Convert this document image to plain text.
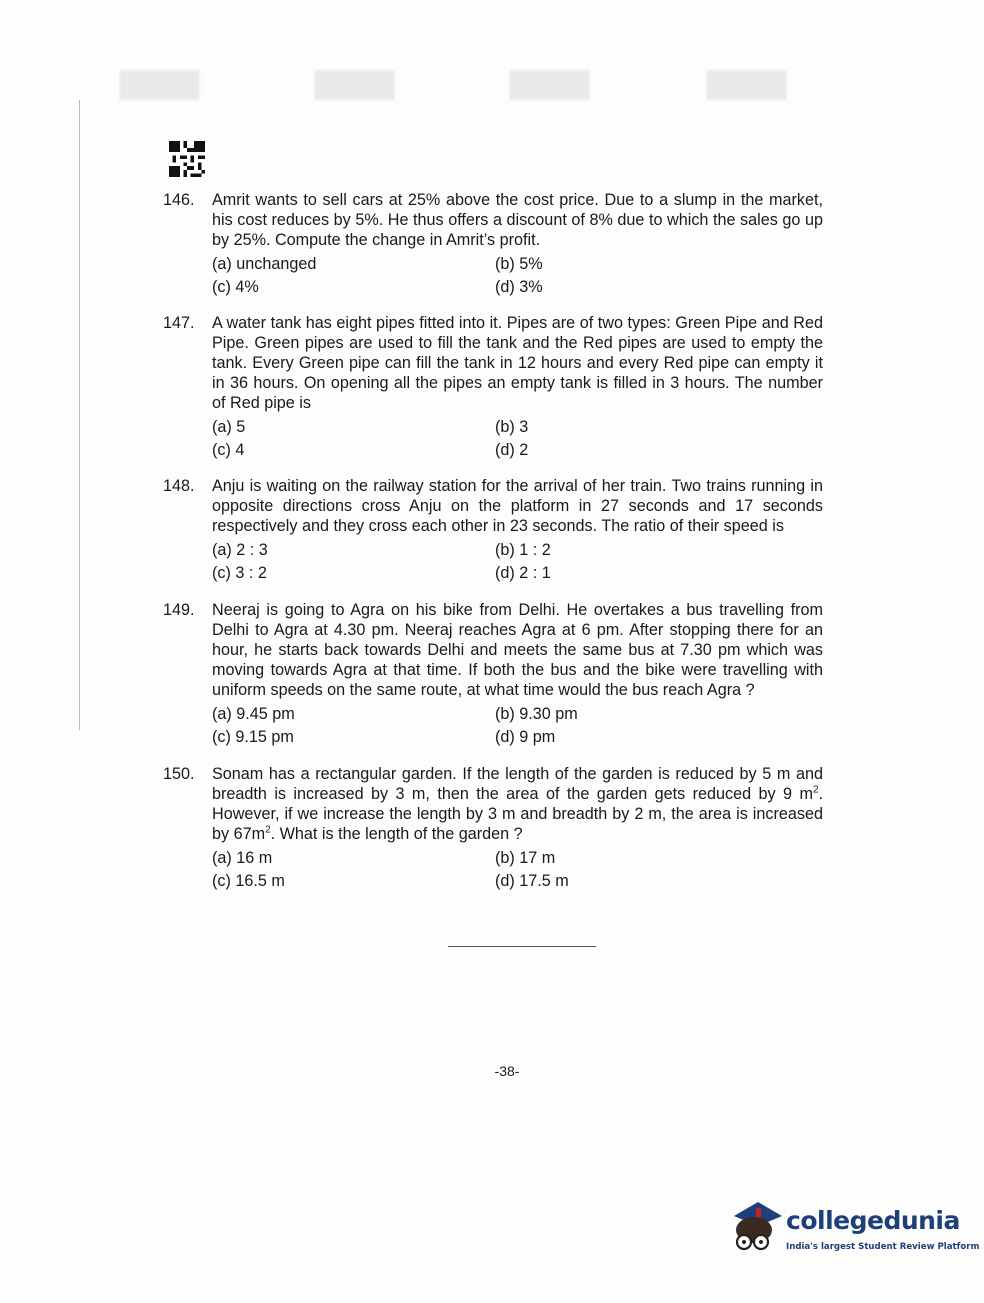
146.	Amrit wants to sell cars at 25% above the cost price. Due to a slump in the market, his cost reduces by 5%. He thus offers a discount of 8% due to which the sales go up by 25%. Compute the change in Amrit’s profit.
(a) unchanged	(b) 5%
(c) 4%	(d) 3%
147.	A water tank has eight pipes fitted into it. Pipes are of two types: Green Pipe and Red Pipe. Green pipes are used to fill the tank and the Red pipes are used to empty the tank. Every Green pipe can fill the tank in 12 hours and every Red pipe can empty it in 36 hours. On opening all the pipes an empty tank is filled in 3 hours. The number of Red pipe is
(a) 5	(b) 3
(c) 4	(d) 2
148.	Anju is waiting on the railway station for the arrival of her train. Two trains running in opposite directions cross Anju on the platform in 27 seconds and 17 seconds respectively and they cross each other in 23 seconds. The ratio of their speed is
(a) 2 : 3	(b) 1 : 2
(c) 3 : 2	(d) 2 : 1
149.	Neeraj is going to Agra on his bike from Delhi. He overtakes a bus travelling from Delhi to Agra at 4.30 pm. Neeraj reaches Agra at 6 pm. After stopping there for an hour, he starts back towards Delhi and meets the same bus at 7.30 pm which was moving towards Agra at that time. If both the bus and the bike were travelling with uniform speeds on the same route, at what time would the bus reach Agra ?
(a) 9.45 pm	(b) 9.30 pm
(c) 9.15 pm	(d) 9 pm
150.	Sonam has a rectangular garden. If the length of the garden is reduced by 5 m and breadth is increased by 3 m, then the area of the garden gets reduced by 9 $m^2$. However, if we increase the length by 3 m and breadth by 2 m, the area is increased by $67m^2$. What is the length of the garden ?
(a) 16 m	(b) 17 m
(c) 16.5 m	(d) 17.5 m
-38-
collegedunia
India's largest Student Review Platform
